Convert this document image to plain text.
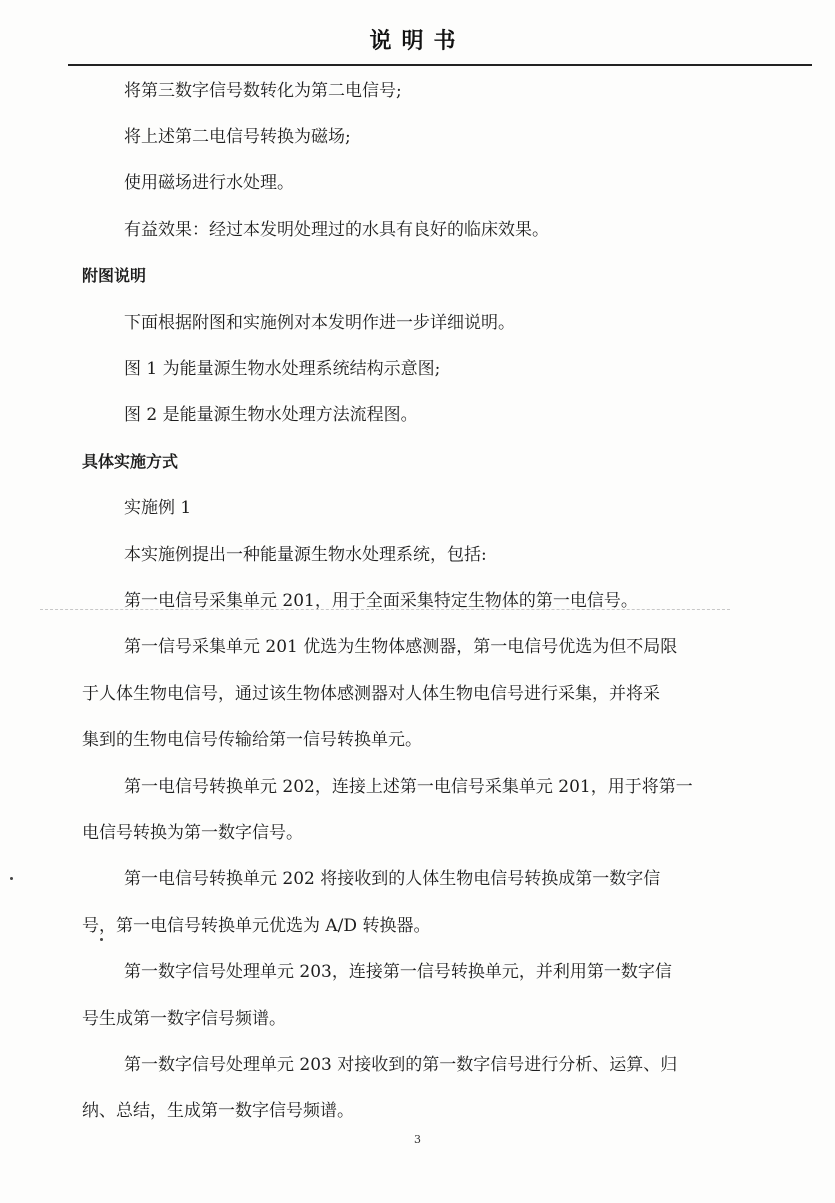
说明书
将第三数字信号数转化为第二电信号;
将上述第二电信号转换为磁场;
使用磁场进行水处理。
有益效果：经过本发明处理过的水具有良好的临床效果。
附图说明
下面根据附图和实施例对本发明作进一步详细说明。
图 1 为能量源生物水处理系统结构示意图;
图 2 是能量源生物水处理方法流程图。
具体实施方式
实施例 1
本实施例提出一种能量源生物水处理系统，包括:
第一电信号采集单元 201，用于全面采集特定生物体的第一电信号。
第一信号采集单元 201 优选为生物体感测器，第一电信号优选为但不局限
于人体生物电信号，通过该生物体感测器对人体生物电信号进行采集，并将采
集到的生物电信号传输给第一信号转换单元。
第一电信号转换单元 202，连接上述第一电信号采集单元 201，用于将第一
电信号转换为第一数字信号。
第一电信号转换单元 202 将接收到的人体生物电信号转换成第一数字信
号，第一电信号转换单元优选为 A/D 转换器。
第一数字信号处理单元 203，连接第一信号转换单元，并利用第一数字信
号生成第一数字信号频谱。
第一数字信号处理单元 203 对接收到的第一数字信号进行分析、运算、归
纳、总结，生成第一数字信号频谱。
3
